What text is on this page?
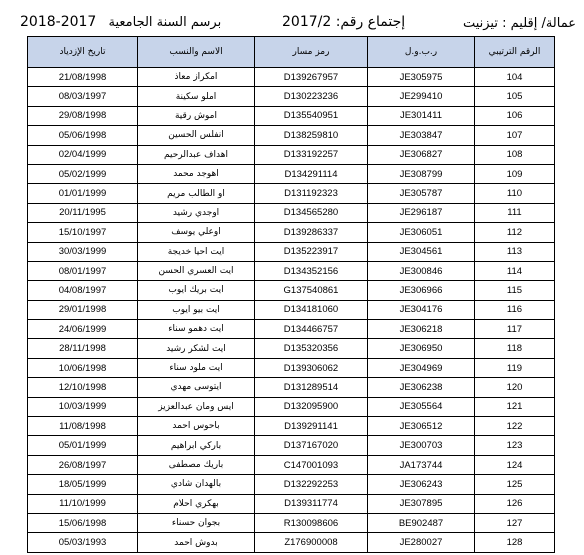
برسم السنة الجامعية 2017-2018	إجتماع رقم: 2017/2	عمالة/ إقليم : تيزنيت
الرقم الترتيبي	ر.ب.و.ل	رمز مسار	الاسم والنسب	تاريخ الإزدياد
104	JE305975	D139267957	امكراز معاذ	21/08/1998
105	JE299410	D130223236	املو سكينة	08/03/1997
106	JE301411	D135540951	اموش رقية	29/08/1998
107	JE303847	D138259810	انفلس الحسين	05/06/1998
108	JE306827	D133192257	اهداف عبدالرحيم	02/04/1999
109	JE308799	D134291114	اهوجد محمد	05/02/1999
110	JE305787	D131192323	او الطالب مريم	01/01/1999
111	JE296187	D134565280	اوجدي رشيد	20/11/1995
112	JE306051	D139286337	اوعلي يوسف	15/10/1997
113	JE304561	D135223917	ايت احيا خديجة	30/03/1999
114	JE300846	D134352156	ايت العسري الحسن	08/01/1997
115	JE306966	G137540861	ايت بريك ايوب	04/08/1997
116	JE304176	D134181060	ايت بيو ايوب	29/01/1998
117	JE306218	D134466757	ايت دهمو سناء	24/06/1999
118	JE306950	D135320356	ايت لشكر رشيد	28/11/1998
119	JE304969	D139306062	ايت ملود سناء	10/06/1998
120	JE306238	D131289514	ايتوسى مهدي	12/10/1998
121	JE305564	D132095900	ايس ومان عبدالعزيز	10/03/1999
122	JE306512	D139291141	باحوس احمد	11/08/1998
123	JE300703	D137167020	باركي ابراهيم	05/01/1999
124	JA173744	C147001093	باريك مصطفى	26/08/1997
125	JE306243	D132292253	بالهدان شادي	18/05/1999
126	JE307895	D139311774	بهكري احلام	11/10/1999
127	BE902487	R130098606	بجوان حسناء	15/06/1998
128	JE280027	Z176900008	بدوش احمد	05/03/1993
